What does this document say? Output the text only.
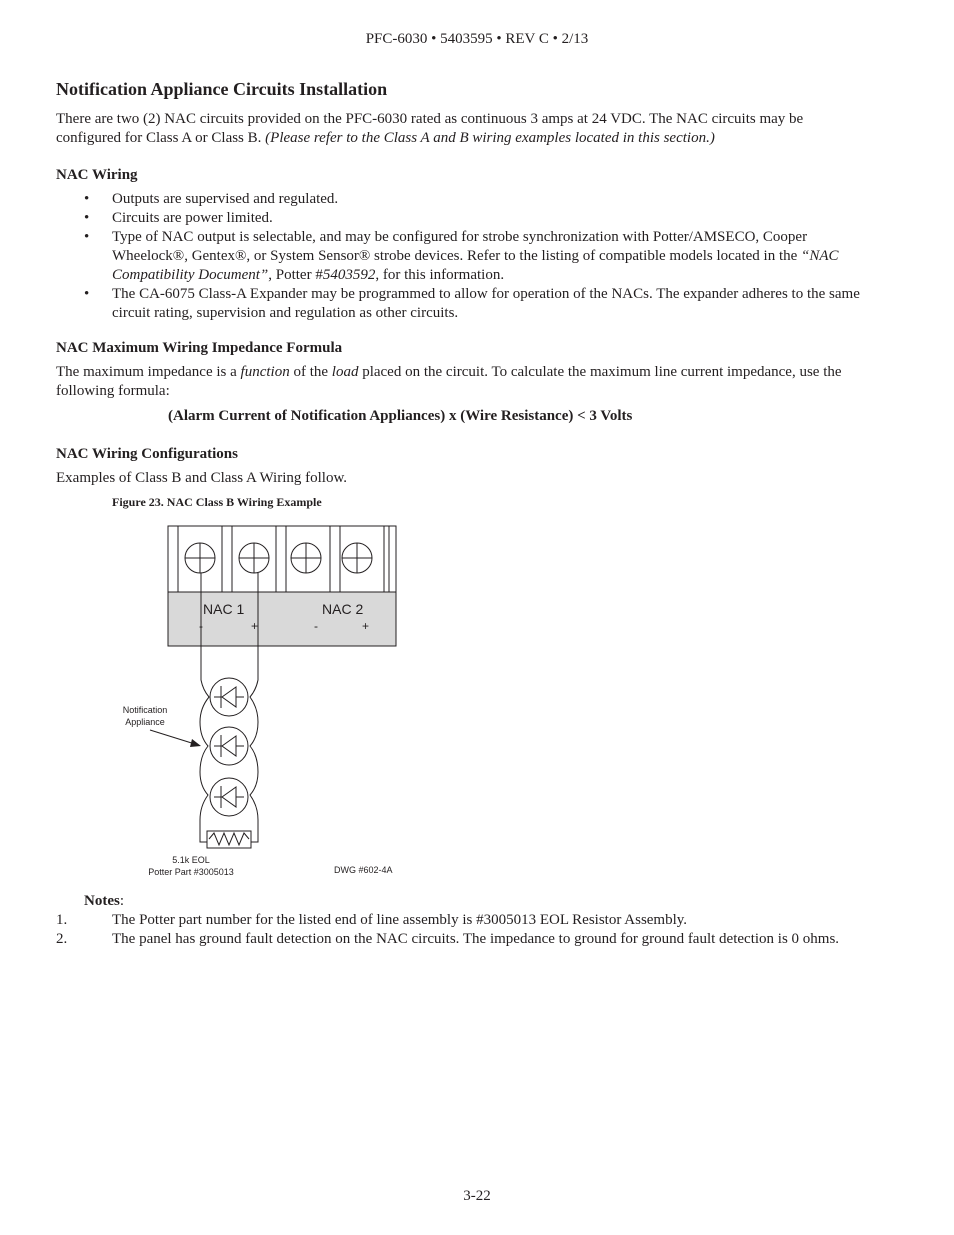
PFC-6030 • 5403595 • REV C • 2/13
Notification Appliance Circuits Installation
There are two (2) NAC circuits provided on the PFC-6030 rated as continuous 3 amps at 24 VDC. The NAC circuits may be configured for Class A or Class B. (Please refer to the Class A and B wiring examples located in this section.)
NAC Wiring
• Outputs are supervised and regulated.
• Circuits are power limited.
• Type of NAC output is selectable, and may be configured for strobe synchronization with Potter/AMSECO, Cooper Wheelock®, Gentex®, or System Sensor® strobe devices. Refer to the listing of compatible models located in the “NAC Compatibility Document”, Potter #5403592, for this information.
• The CA-6075 Class-A Expander may be programmed to allow for operation of the NACs. The expander adheres to the same circuit rating, supervision and regulation as other circuits.
NAC Maximum Wiring Impedance Formula
The maximum impedance is a function of the load placed on the circuit. To calculate the maximum line current impedance, use the following formula:
(Alarm Current of Notification Appliances) x (Wire Resistance) < 3 Volts
NAC Wiring Configurations
Examples of Class B and Class A Wiring follow.
Figure 23. NAC Class B Wiring Example
NAC 1	NAC 2
-	+	-	+
Notification
Appliance
5.1k EOL
Potter Part #3005013	DWG #602-4A
Notes:
1.	The Potter part number for the listed end of line assembly is #3005013 EOL Resistor Assembly.
2.	The panel has ground fault detection on the NAC circuits. The impedance to ground for ground fault detection is 0 ohms.
3-22
